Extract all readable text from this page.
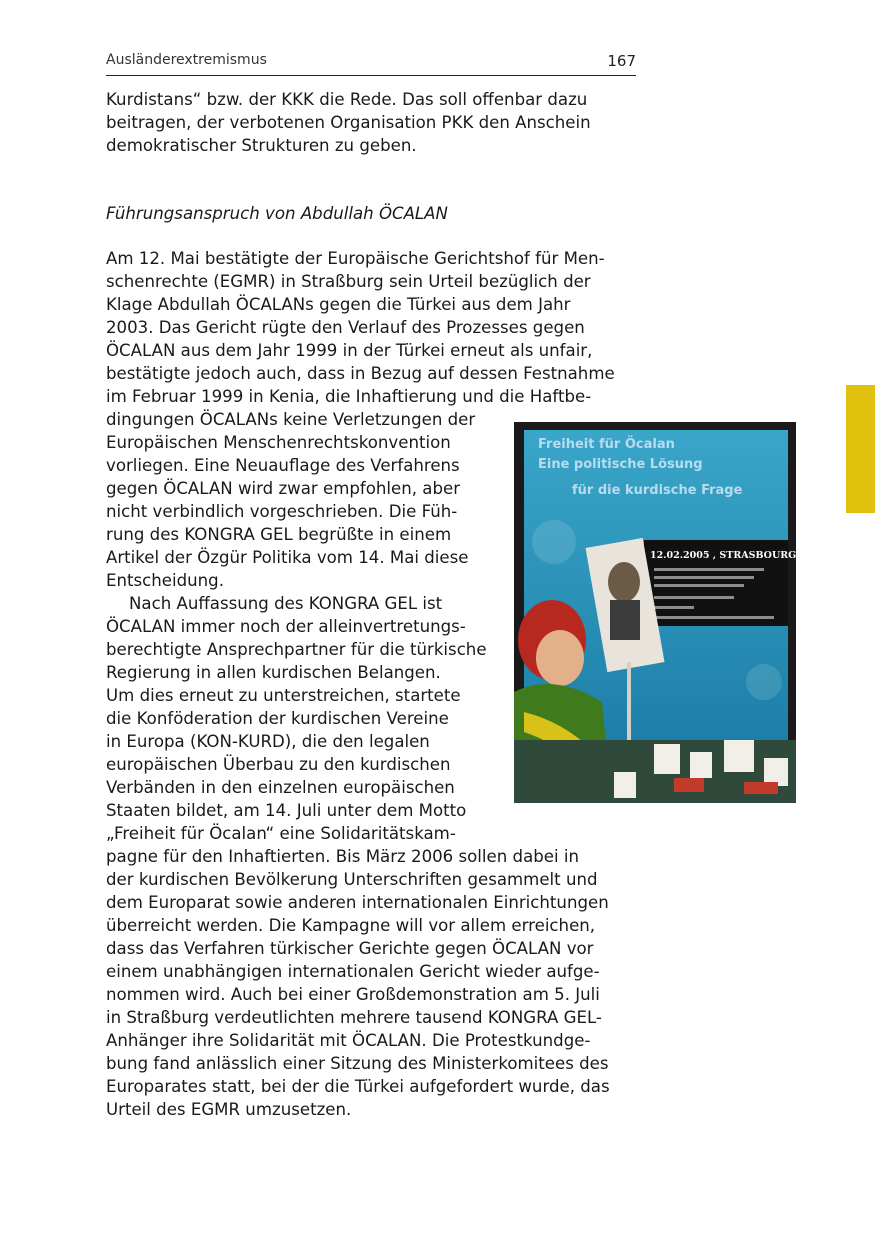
Ausländerextremismus	167
Kurdistans“ bzw. der KKK die Rede. Das soll offenbar dazu
beitragen, der verbotenen Organisation PKK den Anschein
demokratischer Strukturen zu geben.
Führungsanspruch von Abdullah ÖCALAN
Am 12. Mai bestätigte der Europäische Gerichtshof für Men-
schenrechte (EGMR) in Straßburg sein Urteil bezüglich der
Klage Abdullah ÖCALANs gegen die Türkei aus dem Jahr
2003. Das Gericht rügte den Verlauf des Prozesses gegen
ÖCALAN aus dem Jahr 1999 in der Türkei erneut als unfair,
bestätigte jedoch auch, dass in Bezug auf dessen Festnahme
im Februar 1999 in Kenia, die Inhaftierung und die Haftbe-
dingungen ÖCALANs keine Verletzungen der
Europäischen Menschenrechtskonvention
vorliegen. Eine Neuauflage des Verfahrens
gegen ÖCALAN wird zwar empfohlen, aber
nicht verbindlich vorgeschrieben. Die Füh-
rung des KONGRA GEL begrüßte in einem
Artikel der Özgür Politika vom 14. Mai diese
Entscheidung.
Nach Auffassung des KONGRA GEL ist
ÖCALAN immer noch der alleinvertretungs-
berechtigte Ansprechpartner für die türkische
Regierung in allen kurdischen Belangen.
Um dies erneut zu unterstreichen, startete
die Konföderation der kurdischen Vereine
in Europa (KON-KURD), die den legalen
europäischen Überbau zu den kurdischen
Verbänden in den einzelnen europäischen
Staaten bildet, am 14. Juli unter dem Motto
„Freiheit für Öcalan“ eine Solidaritätskam-
pagne für den Inhaftierten. Bis März 2006 sollen dabei in
der kurdischen Bevölkerung Unterschriften gesammelt und
dem Europarat sowie anderen internationalen Einrichtungen
überreicht werden. Die Kampagne will vor allem erreichen,
dass das Verfahren türkischer Gerichte gegen ÖCALAN vor
einem unabhängigen internationalen Gericht wieder aufge-
nommen wird. Auch bei einer Großdemonstration am 5. Juli
in Straßburg verdeutlichten mehrere tausend KONGRA GEL-
Anhänger ihre Solidarität mit ÖCALAN. Die Protestkundge-
bung fand anlässlich einer Sitzung des Ministerkomitees des
Europarates statt, bei der die Türkei aufgefordert wurde, das
Urteil des EGMR umzusetzen.
Freiheit für Öcalan
Eine politische Lösung
für die kurdische Frage
12.02.2005 , STRASBOURG
